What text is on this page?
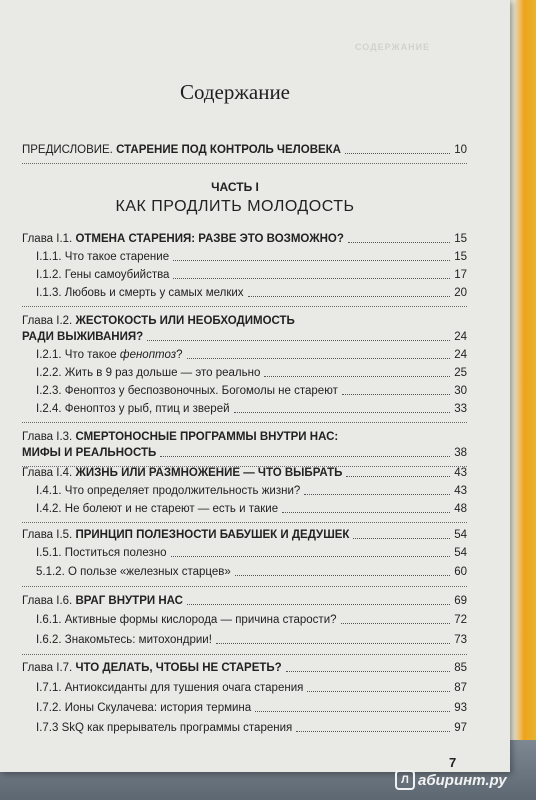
СОДЕРЖАНИЕ
Содержание
ПРЕДИСЛОВИЕ. СТАРЕНИЕ ПОД КОНТРОЛЬ ЧЕЛОВЕКА	10
ЧАСТЬ I
КАК ПРОДЛИТЬ МОЛОДОСТЬ
Глава I.1. ОТМЕНА СТАРЕНИЯ: РАЗВЕ ЭТО ВОЗМОЖНО?	15
I.1.1. Что такое старение	15
I.1.2. Гены самоубийства	17
I.1.3. Любовь и смерть у самых мелких	20
Глава I.2. ЖЕСТОКОСТЬ ИЛИ НЕОБХОДИМОСТЬ
РАДИ ВЫЖИВАНИЯ?	24
I.2.1. Что такое феноптоз?	24
I.2.2. Жить в 9 раз дольше — это реально	25
I.2.3. Феноптоз у беспозвоночных. Богомолы не стареют	30
I.2.4. Феноптоз у рыб, птиц и зверей	33
Глава I.3. СМЕРТОНОСНЫЕ ПРОГРАММЫ ВНУТРИ НАС:
МИФЫ И РЕАЛЬНОСТЬ	38
Глава I.4. ЖИЗНЬ ИЛИ РАЗМНОЖЕНИЕ — ЧТО ВЫБРАТЬ	43
I.4.1. Что определяет продолжительность жизни?	43
I.4.2. Не болеют и не стареют — есть и такие	48
Глава I.5. ПРИНЦИП ПОЛЕЗНОСТИ БАБУШЕК И ДЕДУШЕК	54
I.5.1. Поститься полезно	54
5.1.2. О пользе «железных старцев»	60
Глава I.6. ВРАГ ВНУТРИ НАС	69
I.6.1. Активные формы кислорода — причина старости?	72
I.6.2. Знакомьтесь: митохондрии!	73
Глава I.7. ЧТО ДЕЛАТЬ, ЧТОБЫ НЕ СТАРЕТЬ?	85
I.7.1. Антиоксиданты для тушения очага старения	87
I.7.2. Ионы Скулачева: история термина	93
I.7.3 SkQ как прерыватель программы старения	97
7
Л абиринт.ру
